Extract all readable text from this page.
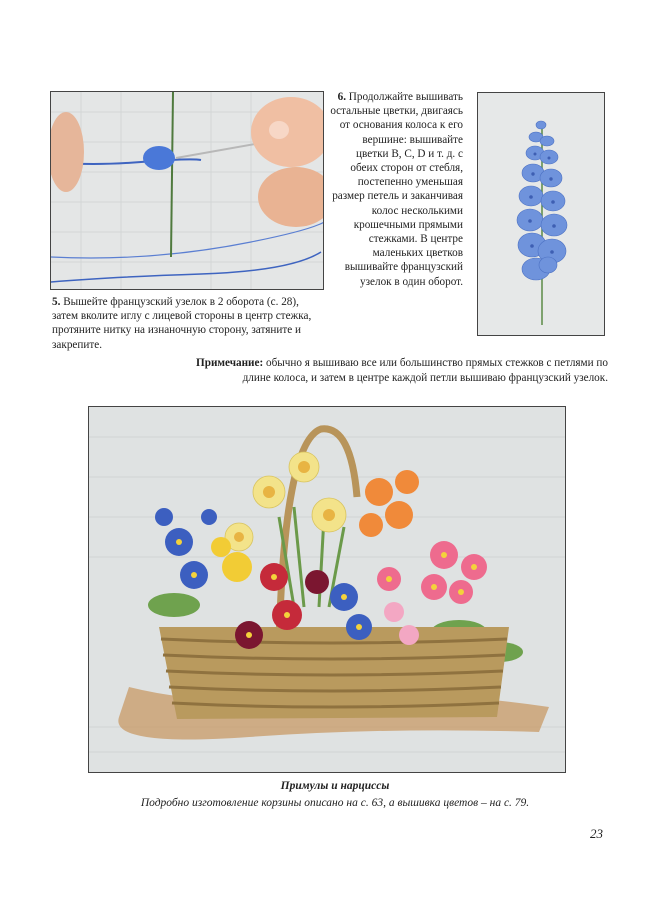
5. Вышейте французский узелок в 2 оборота (с. 28), затем вколите иглу с лицевой стороны в центр стежка, протяните нитку на изнаночную сторону, затяните и закрепите.
6. Продолжайте вышивать остальные цветки, двигаясь от основания колоса к его вершине: вышивайте цветки B, C, D и т. д. с обеих сторон от стебля, постепенно уменьшая размер петель и заканчивая колос несколькими крошечными прямыми стежками. В центре маленьких цветков вышивайте французский узелок в один оборот.
Примечание: обычно я вышиваю все или большинство прямых стежков с петлями по длине колоса, и затем в центре каждой петли вышиваю французский узелок.
Примулы и нарциссы
Подробно изготовление корзины описано на с. 63, а вышивка цветов – на с. 79.
23
